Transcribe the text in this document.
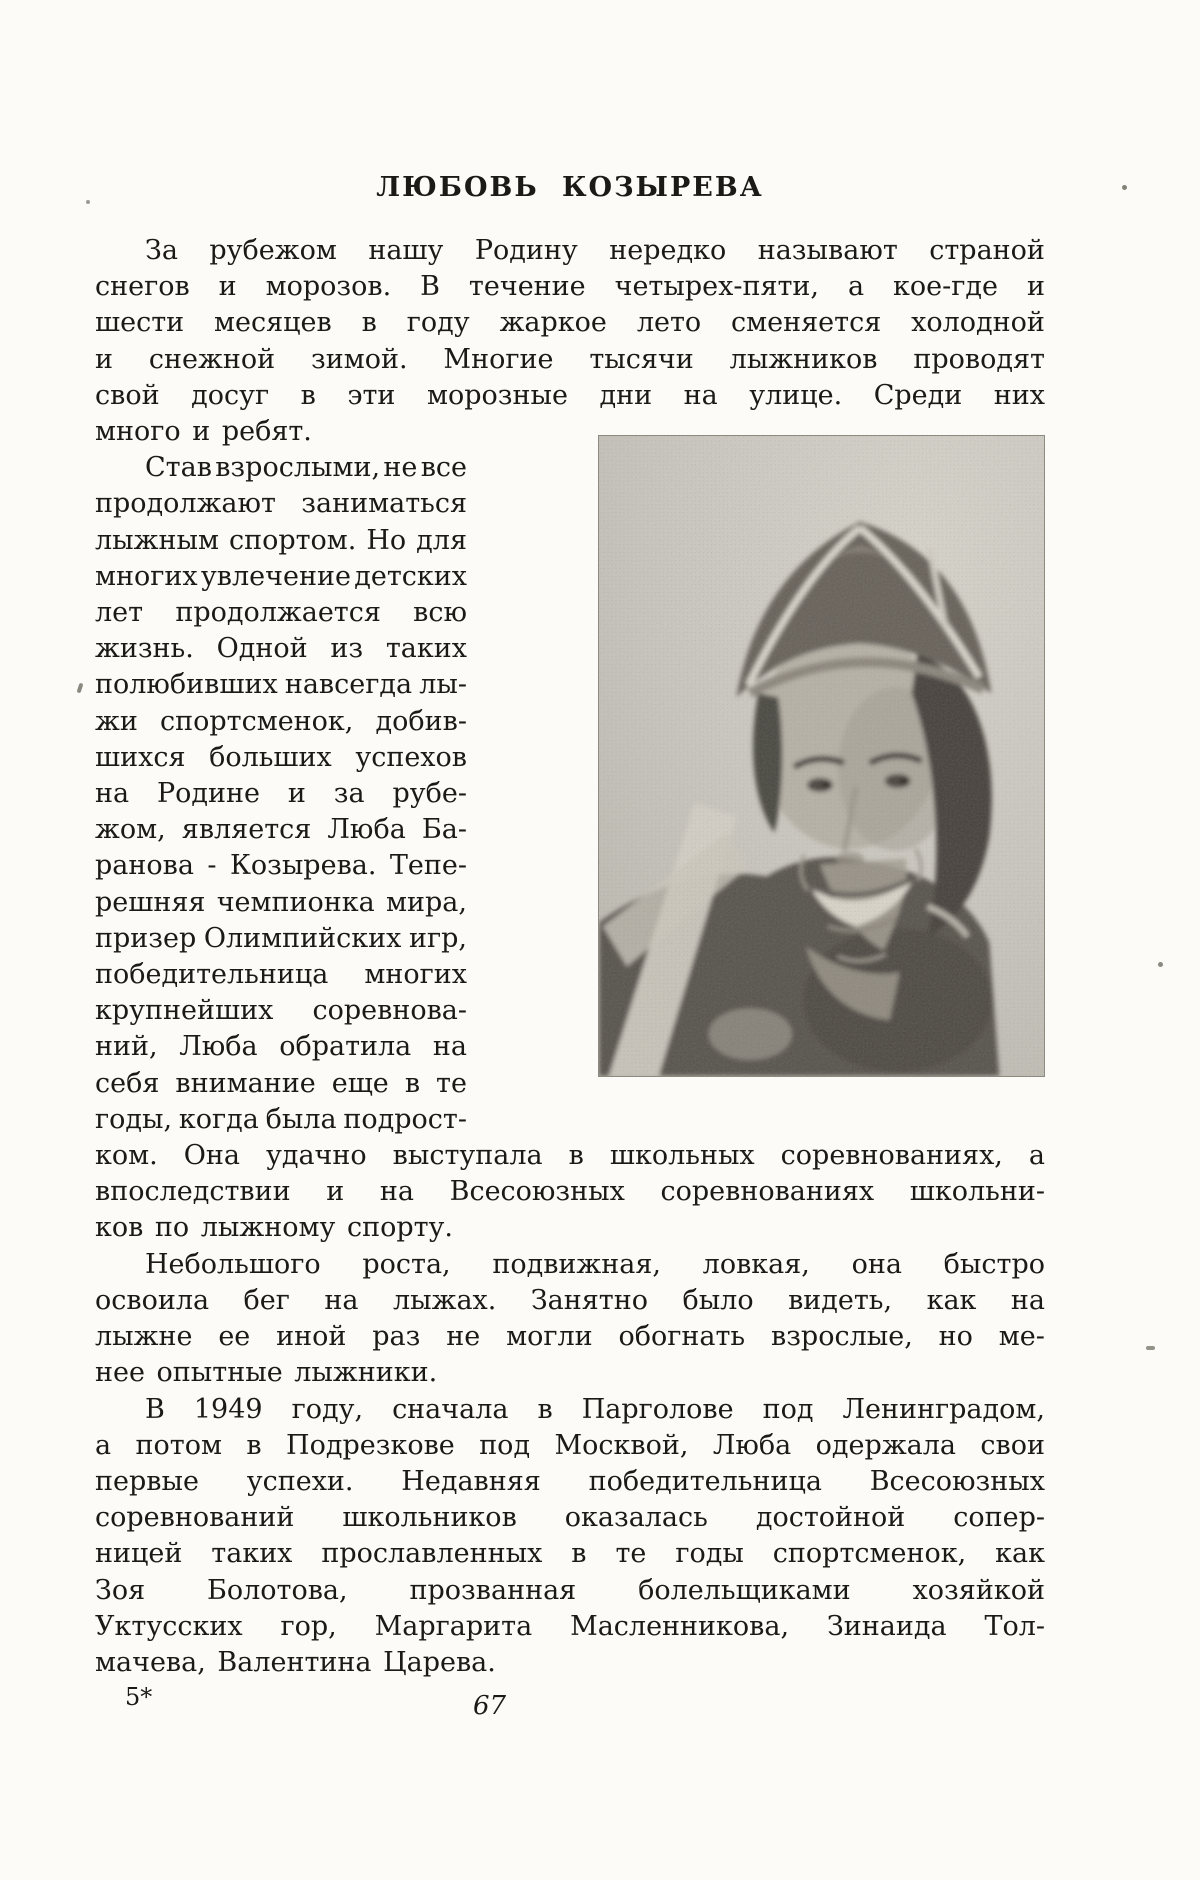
ЛЮБОВЬ КОЗЫРЕВА
За рубежом нашу Родину нередко называют страной
снегов и морозов. В течение четырех-пяти, а кое-где и
шести месяцев в году жаркое лето сменяется холодной
и снежной зимой. Многие тысячи лыжников проводят
свой досуг в эти морозные дни на улице. Среди них
много и ребят.
Став взрослыми, не все
продолжают заниматься
лыжным спортом. Но для
многих увлечение детских
лет продолжается всю
жизнь. Одной из таких
полюбивших навсегда лы-
жи спортсменок, добив-
шихся больших успехов
на Родине и за рубе-
жом, является Люба Ба-
ранова - Козырева. Тепе-
решняя чемпионка мира,
призер Олимпийских игр,
победительница многих
крупнейших соревнова-
ний, Люба обратила на
себя внимание еще в те
годы, когда была подрост-
ком. Она удачно выступала в школьных соревнованиях, а
впоследствии и на Всесоюзных соревнованиях школьни-
ков по лыжному спорту.
Небольшого роста, подвижная, ловкая, она быстро
освоила бег на лыжах. Занятно было видеть, как на
лыжне ее иной раз не могли обогнать взрослые, но ме-
нее опытные лыжники.
В 1949 году, сначала в Парголове под Ленинградом,
а потом в Подрезкове под Москвой, Люба одержала свои
первые успехи. Недавняя победительница Всесоюзных
соревнований школьников оказалась достойной сопер-
ницей таких прославленных в те годы спортсменок, как
Зоя Болотова, прозванная болельщиками хозяйкой
Уктусских гор, Маргарита Масленникова, Зинаида Тол-
мачева, Валентина Царева.
5*	67
